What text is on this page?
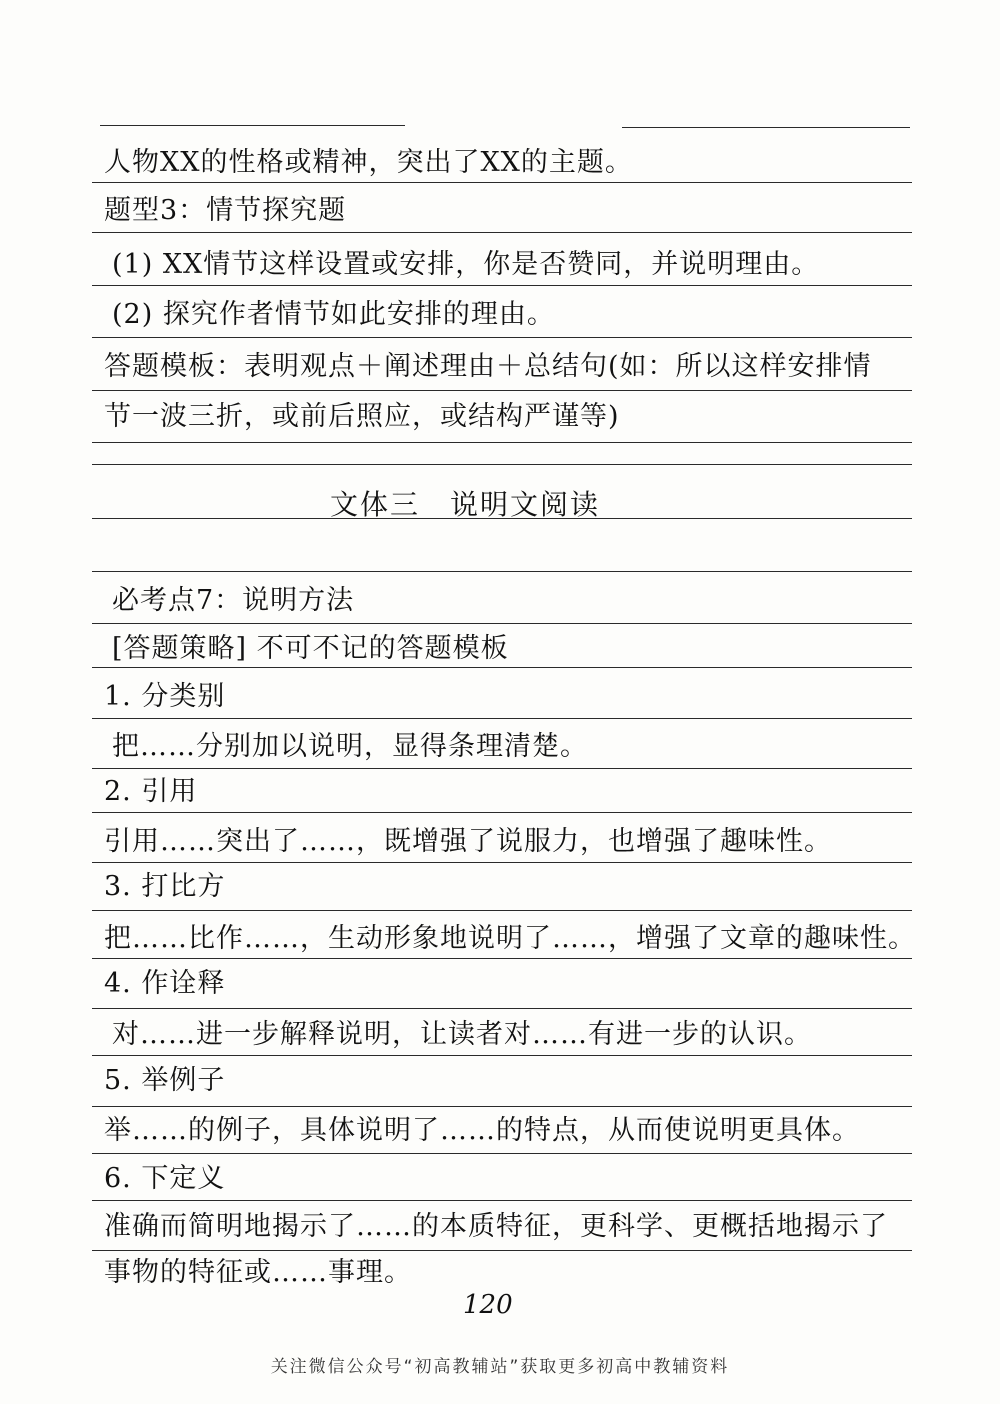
人物XX的性格或精神，突出了XX的主题。
题型3：情节探究题
(1) XX情节这样设置或安排，你是否赞同，并说明理由。
(2) 探究作者情节如此安排的理由。
答题模板：表明观点＋阐述理由＋总结句(如：所以这样安排情
节一波三折，或前后照应，或结构严谨等)
文体三　说明文阅读
必考点7：说明方法
[答题策略] 不可不记的答题模板
1. 分类别
把……分别加以说明，显得条理清楚。
2. 引用
引用……突出了……，既增强了说服力，也增强了趣味性。
3. 打比方
把……比作……，生动形象地说明了……，增强了文章的趣味性。
4. 作诠释
对……进一步解释说明，让读者对……有进一步的认识。
5. 举例子
举……的例子，具体说明了……的特点，从而使说明更具体。
6. 下定义
准确而简明地揭示了……的本质特征，更科学、更概括地揭示了
事物的特征或……事理。
120
关注微信公众号“初高教辅站”获取更多初高中教辅资料
